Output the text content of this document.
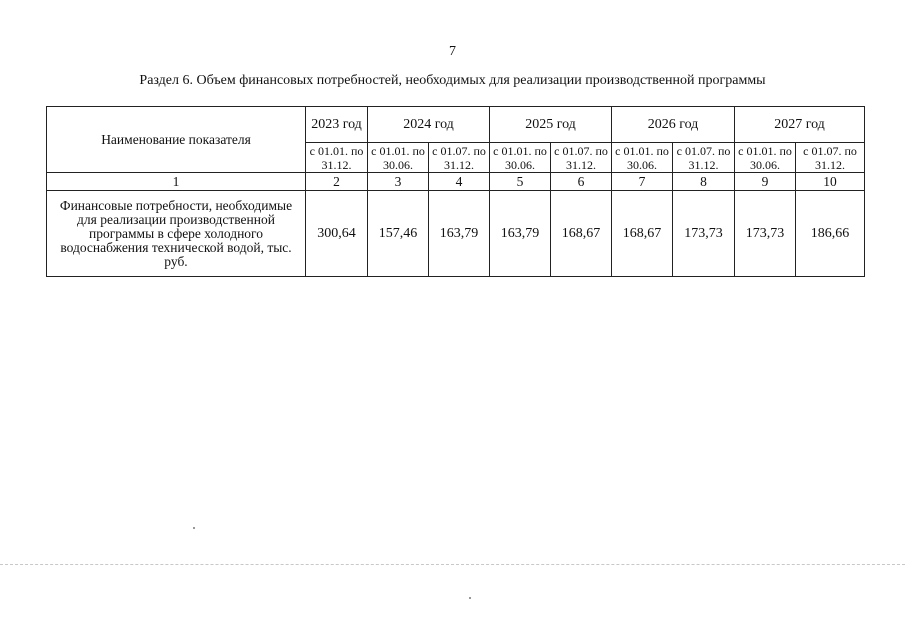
7
Раздел 6. Объем финансовых потребностей, необходимых для реализации производственной программы
Наименование показателя	2023 год	2024 год		2025 год		2026 год		2027 год	
	с 01.01. по 31.12.	с 01.01. по 30.06.	с 01.07. по 31.12.	с 01.01. по 30.06.	с 01.07. по 31.12.	с 01.01. по 30.06.	с 01.07. по 31.12.	с 01.01. по 30.06.	с 01.07. по 31.12.
1	2	3	4	5	6	7	8	9	10
Финансовые потребности, необходимые для реализации производственной программы в сфере холодного водоснабжения технической водой, тыс. руб.	300,64	157,46	163,79	163,79	168,67	168,67	173,73	173,73	186,66
